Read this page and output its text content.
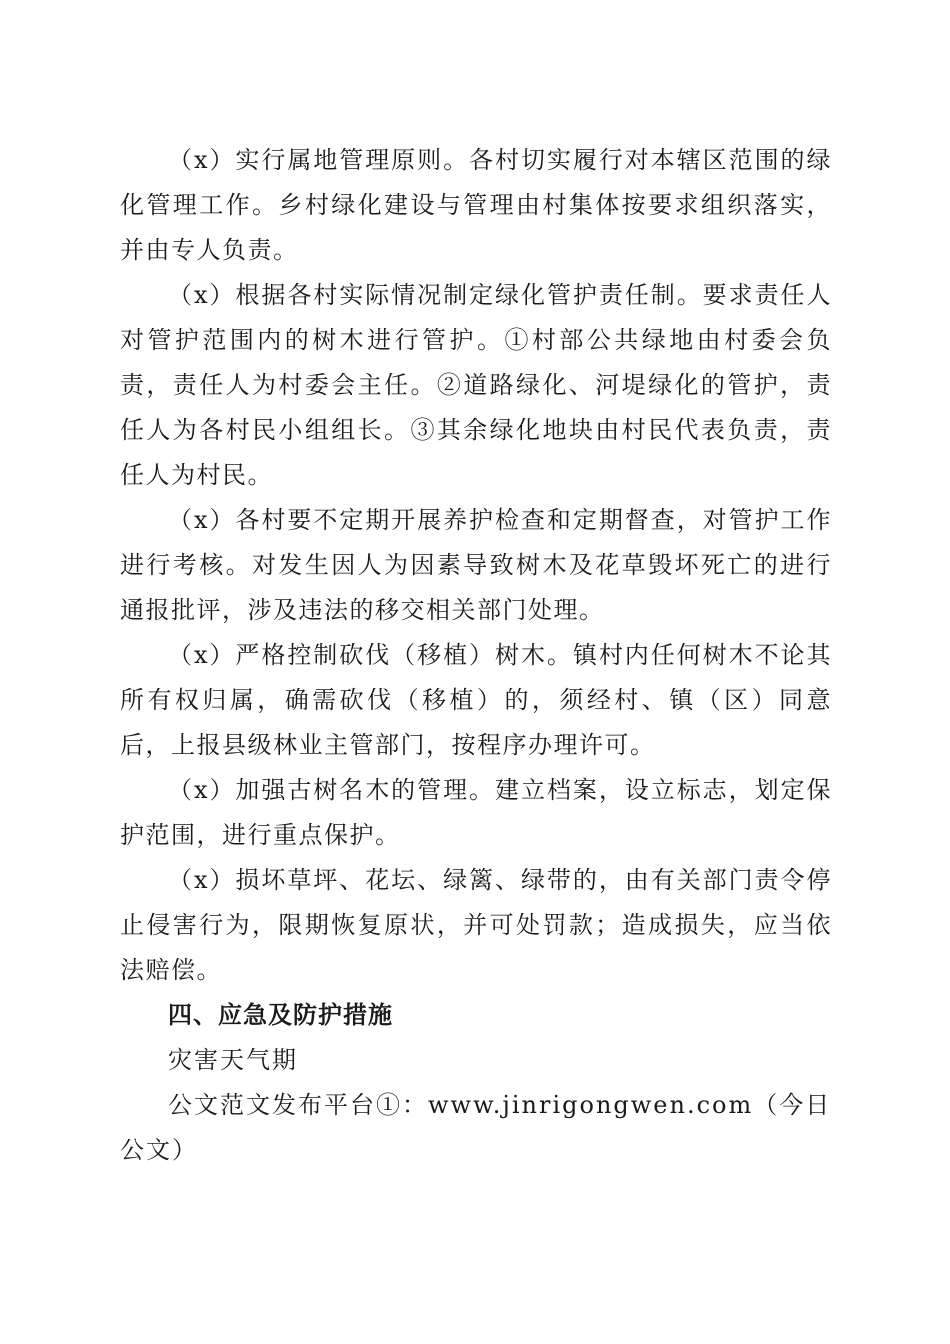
（x）实行属地管理原则。各村切实履行对本辖区范围的绿化管理工作。乡村绿化建设与管理由村集体按要求组织落实，并由专人负责。

（x）根据各村实际情况制定绿化管护责任制。要求责任人对管护范围内的树木进行管护。①村部公共绿地由村委会负责，责任人为村委会主任。②道路绿化、河堤绿化的管护，责任人为各村民小组组长。③其余绿化地块由村民代表负责，责任人为村民。

（x）各村要不定期开展养护检查和定期督查，对管护工作进行考核。对发生因人为因素导致树木及花草毁坏死亡的进行通报批评，涉及违法的移交相关部门处理。

（x）严格控制砍伐（移植）树木。镇村内任何树木不论其所有权归属，确需砍伐（移植）的，须经村、镇（区）同意后，上报县级林业主管部门，按程序办理许可。

（x）加强古树名木的管理。建立档案，设立标志，划定保护范围，进行重点保护。

（x）损坏草坪、花坛、绿篱、绿带的，由有关部门责令停止侵害行为，限期恢复原状，并可处罚款；造成损失，应当依法赔偿。

四、应急及防护措施

灾害天气期

公文范文发布平台①：www.jinrigongwen.com（今日公文）
